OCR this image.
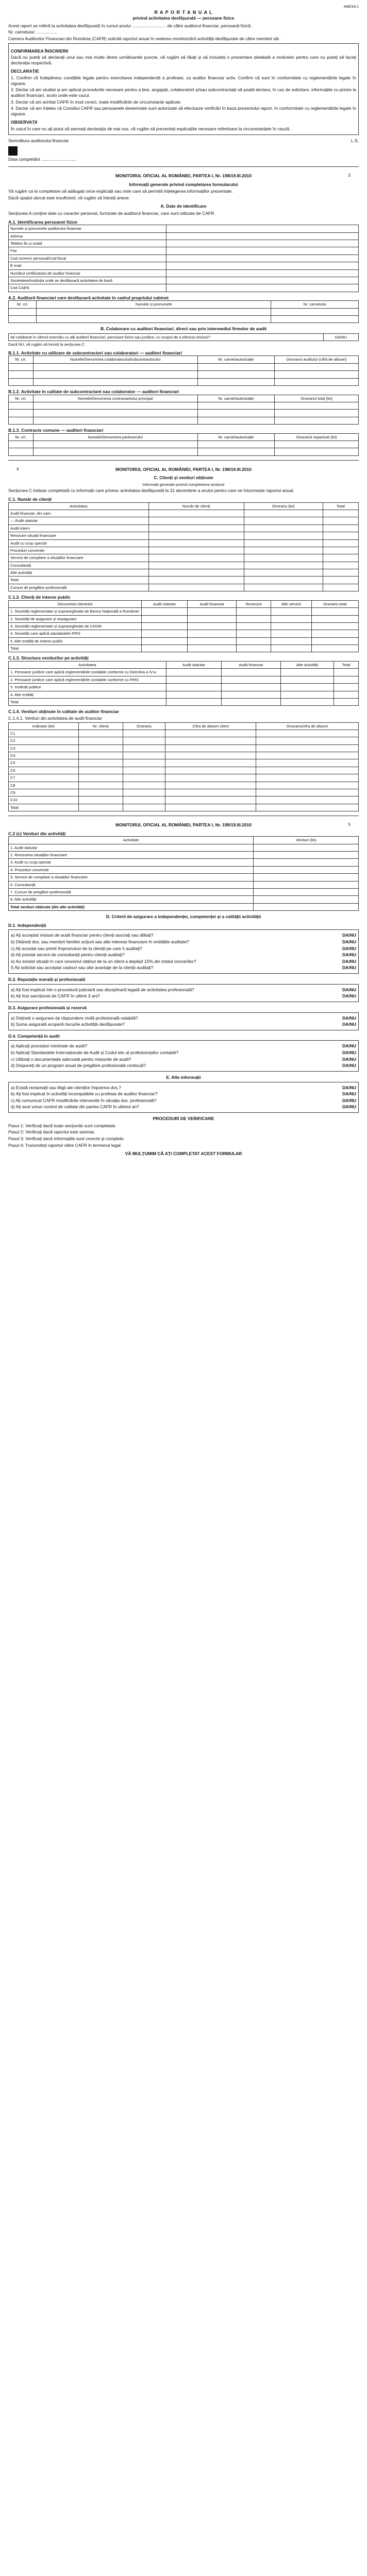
ANEXA 1
R A P O R T A N U A L
privind activitatea desfășurată — persoane fizice
Acest raport se referă la activitatea desfășurată în cursul anului ............................ de către auditorul financiar, persoană fizică.
Nr. carnetului: .................
Camera Auditorilor Financiari din România (CAFR) solicită raportul anual în vederea monitorizării activității desfășurate de către membrii săi.
CONFIRMAREA ÎNSCRIERII
Dacă nu puteți să declarați unul sau mai multe dintre următoarele puncte, vă rugăm să tăiați și să includeți o prezentare detaliată a motivelor pentru care nu puteți să faceți declarația respectivă.
DECLARAȚIE
1. Confirm că îndeplinesc condițiile legale pentru exercitarea independentă a profesiei, ca auditor financiar activ. Confirm că sunt în conformitate cu reglementările legale în vigoare.
2. Declar că am studiat și am aplicat procedurile necesare pentru a ține, angajații, colaboratorii și/sau subcontractații să poată declara, în caz de solicitare, informațiile cu privire la auditori financiari, acolo unde este cazul.
3. Declar că am achitat CAFR în mod corect, toate modificările de circumstanțe apărute.
4. Declar că am înțeles că Consiliul CAFR sau persoanele desemnate sunt autorizate să efectueze verificări în baza prezentului raport, în conformitate cu reglementările legale în vigoare.
OBSERVAȚII
În cazul în care nu ați putut să semnați declarația de mai sus, vă rugăm să prezentați explicațiile necesare referitoare la circumstanțele în cauză.
Semnătura auditorului financiar	L.S.
Data completării .............................
3
MONITORUL OFICIAL AL ROMÂNIEI, PARTEA I, Nr. 198/19.III.2010
Informații generale privind completarea formularului
Vă rugăm ca la completare să adăugați orice explicații sau note care să permită înțelegerea informațiilor prezentate.
Dacă spațiul alocat este insuficient, vă rugăm să folosiți anexe.
A. Date de identificare
Secțiunea A conține date cu caracter personal, furnizate de auditorul financiar, care sunt utilizate de CAFR.
A.1. Identificarea persoanei fizice
Numele și prenumele auditorului financiar	
Adresa	
Telefon fix și mobil	
Fax	
Cod numeric personal/Cod fiscal	
E-mail	
Numărul certificatului de auditor financiar	
Societatea/Instituția unde se desfășoară activitatea de bază	
Cod CAEN	
A.2. Auditorii financiari care desfășoară activitate în cadrul propriului cabinet
Nr. crt.	Numele și prenumele	Nr. carnetului

B. Colaborare cu auditori financiari, direct sau prin intermediul firmelor de audit
Ați colaborat în ultimul exercițiu cu alți auditori financiari, persoane fizice sau juridice, cu scopul de a efectua misiuni?	DA/NU
Dacă NU, vă rugăm să treceți la secțiunea C.
B.1.1. Activitate cu utilizare de subcontractori sau colaboratori — auditori financiari
Nr. crt.	Numele/Denumirea colaboratorului/subcontractorului	Nr. carnet/autorizație	Onorariul auditului (cifră de afaceri)

B.1.2. Activitate în calitate de subcontractant sau colaborator — auditori financiari
Nr. crt.	Numele/Denumirea contractantului principal	Nr. carnet/autorizație	Onorariul total (lei)

B.1.3. Contracte comune — auditori financiari
Nr. crt.	Numele/Denumirea partenerului	Nr. carnet/autorizație	Onorariul repartizat (lei)

4	MONITORUL OFICIAL AL ROMÂNIEI, PARTEA I, Nr. 198/19.III.2010
C. Clienți și venituri obținute
Informații generale privind completarea secțiunii
Secțiunea C trebuie completată cu informații care privesc activitatea desfășurată la 31 decembrie a anului pentru care se întocmește raportul anual.
C.1. Număr de clienți
Activitatea	Număr de clienți	Onorariu (lei)	Total
Audit financiar, din care:			
— Audit statutar			
Audit intern			
Revizuire situații financiare			
Audit cu scop special			
Proceduri convenite			
Servicii de compilare a situațiilor financiare			
Consultanță			
Alte activități			
Total			
Cursuri de pregătire profesională			
C.1.2. Clienți de interes public
Denumirea clientului	Audit statutar	Audit financiar	Revizuire	Alte servicii	Onorariu total
1. Societăți reglementate și supravegheate de Banca Națională a României					
2. Societăți de asigurare și reasigurare					
3. Societăți reglementate și supravegheate de CNVM					
4. Societăți care aplică standardele IFRS					
5. Alte entități de interes public					
Total					
C.1.3. Structura veniturilor pe activități
Activitatea	Audit statutar	Audit financiar	Alte activități	Total
1. Persoane juridice care aplică reglementările contabile conforme cu Directiva a IV-a				
2. Persoane juridice care aplică reglementările contabile conforme cu IFRS				
3. Instituții publice				
4. Alte entități				
Total				
C.1.4. Venituri obținute în calitate de auditor financiar
C.1.4.1. Venituri din activitatea de audit financiar
Indicator (lei)	Nr. clienți	Onorariu	Cifra de afaceri client	Onorariu/cifra de afaceri
C1				
C2				
C3				
C4				
C5				
C6				
C7				
C8				
C9				
C10				
Total				
5
MONITORUL OFICIAL AL ROMÂNIEI, PARTEA I, Nr. 198/19.III.2010
C.2 (c) Venituri din activități
Activitate	Venituri (lei)
1. Audit statutar	
2. Revizuirea situațiilor financiare	
3. Audit cu scop special	
4. Proceduri convenite	
5. Servicii de compilare a situațiilor financiare	
6. Consultanță	
7. Cursuri de pregătire profesională	
8. Alte activități	
Total venituri obținute (din alte activități)	
D. Criterii de asigurare a independenței, competenței și a calității activității
D.1. Independență
a) Ați acceptat misiuni de audit financiar pentru clienți asociați sau afiliați?	DA/NU
b) Dețineți dvs. sau membrii familiei acțiuni sau alte interese financiare în entitățile auditate?	DA/NU
c) Ați acordat sau primit împrumuturi de la clienții pe care îi auditați?	DA/NU
d) Ați prestat servicii de consultanță pentru clienții auditați?	DA/NU
e) Au existat situații în care onorariul obținut de la un client a depășit 15% din totalul onorariilor?	DA/NU
f) Ați solicitat sau acceptat cadouri sau alte avantaje de la clienții auditați?	DA/NU
D.2. Reputație morală și profesională
a) Ați fost implicat într-o procedură judiciară sau disciplinară legată de activitatea profesională?	DA/NU
b) Ați fost sancționat de CAFR în ultimii 3 ani?	DA/NU
D.3. Asigurare profesională și rezervă
a) Dețineți o asigurare de răspundere civilă profesională valabilă?	DA/NU
b) Suma asigurată acoperă riscurile activității desfășurate?	DA/NU
D.4. Competență în audit
a) Aplicați proceduri minimale de audit?	DA/NU
b) Aplicați Standardele Internaționale de Audit și Codul etic al profesioniștilor contabili?	DA/NU
c) Utilizați o documentație adecvată pentru misiunile de audit?	DA/NU
d) Dispuneți de un program anual de pregătire profesională continuă?	DA/NU
E. Alte informații
a) Există reclamații sau litigii ale clienților împotriva dvs.?	DA/NU
b) Ați fost implicat în activități incompatibile cu profesia de auditor financiar?	DA/NU
c) Ați comunicat CAFR modificările intervenite în situația dvs. profesională?	DA/NU
d) Ați avut vreun control de calitate din partea CAFR în ultimul an?	DA/NU
PROCEDURI DE VERIFICARE
Pasul 1: Verificați dacă toate secțiunile sunt completate.
Pasul 2: Verificați dacă raportul este semnat.
Pasul 3: Verificați dacă informațiile sunt corecte și complete.
Pasul 4: Transmiteți raportul către CAFR în termenul legal.
VĂ MULȚUMIM CĂ AȚI COMPLETAT ACEST FORMULAR
